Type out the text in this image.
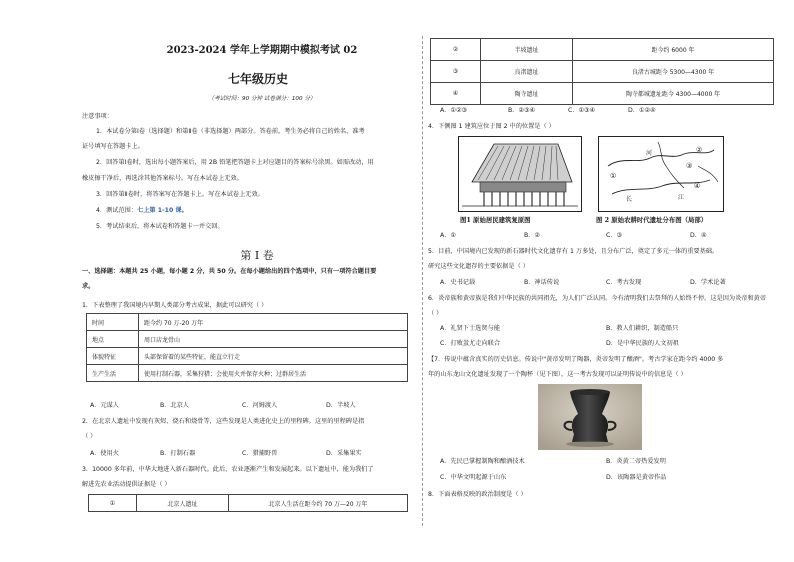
2023-2024 学年上学期期中模拟考试 02
七年级历史
（考试时间：90 分钟 试卷满分：100 分）
注意事项：
1．本试卷分第Ⅰ卷（选择题）和第Ⅱ卷（非选择题）两部分。答卷前，考生务必将自己的姓名、准考
证号填写在答题卡上。
2．回答第Ⅰ卷时，选出每小题答案后，用 2B 铅笔把答题卡上对应题目的答案标号涂黑。如需改动，用
橡皮擦干净后，再选涂其他答案标号。写在本试卷上无效。
3．回答第Ⅱ卷时，将答案写在答题卡上。写在本试卷上无效。
4．测试范围：七上第 1-10 课。
5．考试结束后，将本试卷和答题卡一并交回。
第 Ⅰ 卷
一、选择题：本题共 25 小题，每小题 2 分，共 50 分。在每小题给出的四个选项中，只有一项符合题目要
求。
1．下表整理了我国境内早期人类部分考古成果，据此可以研究（ ）
时间	距今约 70 万-20 万年
地点	周口店龙骨山
体貌特征	头部保留着的某些特征，能直立行走
生产生活	使用打制石器，采集狩猎；会使用火并保存火种；过群居生活
A．元谋人	B．北京人	C．河姆渡人	D．半坡人
2．在北京人遗址中发现有灰烬、烧石和烧骨等，这些发现是人类进化史上的里程碑。这里的里程碑是指
（ ）
A．使用火	B．打制石器	C．猎捕野兽	D．采集果实
3．10000 多年前，中华大地进入新石器时代。此后，农业逐渐产生和发展起来。以下遗址中，能为我们了
解进先农业活动提供证据是（ ）
①	北京人遗址	北京人生活在距今约 70 万—20 万年
②	半坡遗址	距今约 6000 年
③	良渚遗址	良渚古城距今 5300—4300 年
④	陶寺遗址	陶寺都城遗址距今 4300—4000 年
A．①②③	B．②③④	C．①③④	D．①②④
4．下侧图 1 建筑应位于图 2 中的位置是（ ）
河
长	江
①
②
③
④
图1 原始居民建筑复原图	图 2 原始农耕时代遗址分布图（局部）
A．①	B．②	C．③	D．④
5．目前，中国境内已发现的新石器时代文化遗存有 1 万多处，且分布广泛，奠定了多元一体的重要基础。
研究这些文化遗存的主要依据是（ ）
A．史书记载	B．神话传说	C．考古发现	D．学术论著
6．炎帝族和黄帝族是我们中华民族的共同祖先，为人们广泛认同。今有清明我们去祭拜的人始终不停。这是因为炎帝和黄帝
（ ）
A．礼贤下士选贤与能	B．教人们耕织，制造船只
C．打败蚩尤走向联合	D．是中华民族的人文初祖
【7．传说中蕴含真实的历史信息。传说中"黄帝发明了陶器，炎帝发明了酿酒"。考古学家在距今约 4000 多
年的山东龙山文化遗址发现了一个陶杯（见下图），这一考古发现可以证明传说中的信息是（ ）
A．先民已掌握制陶和酿酒技术	B．炎黄二帝热爱发明
C．中华文明起源于山东	D．该陶器是黄帝作品
8．下面表格反映的政治制度是（ ）
